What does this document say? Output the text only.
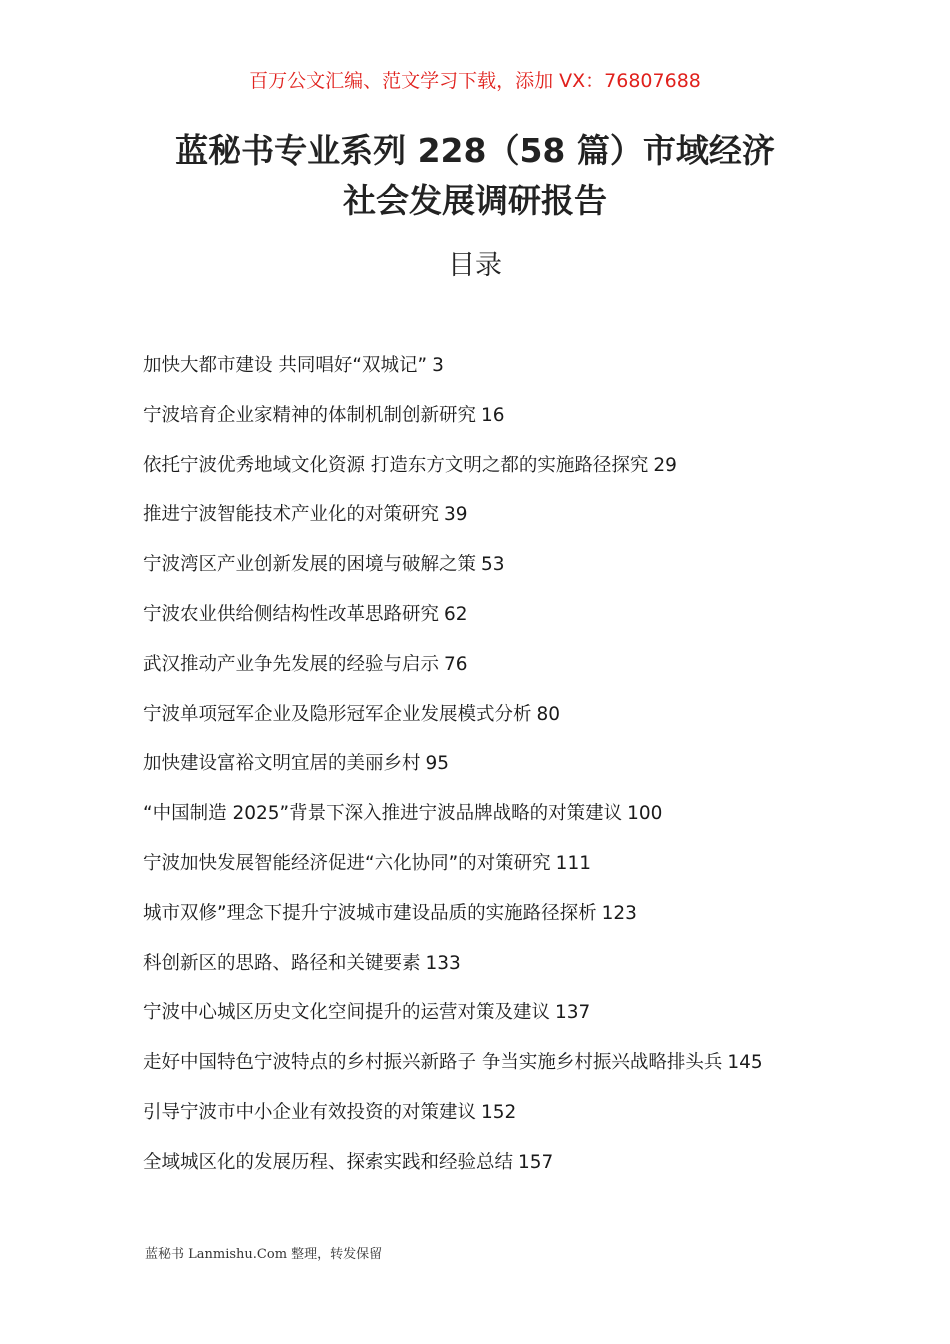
百万公文汇编、范文学习下载，添加 VX：76807688
蓝秘书专业系列 228（58 篇）市域经济
社会发展调研报告
目录
加快大都市建设 共同唱好“双城记” 3
宁波培育企业家精神的体制机制创新研究 16
依托宁波优秀地域文化资源 打造东方文明之都的实施路径探究 29
推进宁波智能技术产业化的对策研究 39
宁波湾区产业创新发展的困境与破解之策 53
宁波农业供给侧结构性改革思路研究 62
武汉推动产业争先发展的经验与启示 76
宁波单项冠军企业及隐形冠军企业发展模式分析 80
加快建设富裕文明宜居的美丽乡村 95
“中国制造 2025”背景下深入推进宁波品牌战略的对策建议 100
宁波加快发展智能经济促进“六化协同”的对策研究 111
城市双修”理念下提升宁波城市建设品质的实施路径探析 123
科创新区的思路、路径和关键要素 133
宁波中心城区历史文化空间提升的运营对策及建议 137
走好中国特色宁波特点的乡村振兴新路子 争当实施乡村振兴战略排头兵 145
引导宁波市中小企业有效投资的对策建议 152
全域城区化的发展历程、探索实践和经验总结 157
蓝秘书 Lanmishu.Com 整理，转发保留
